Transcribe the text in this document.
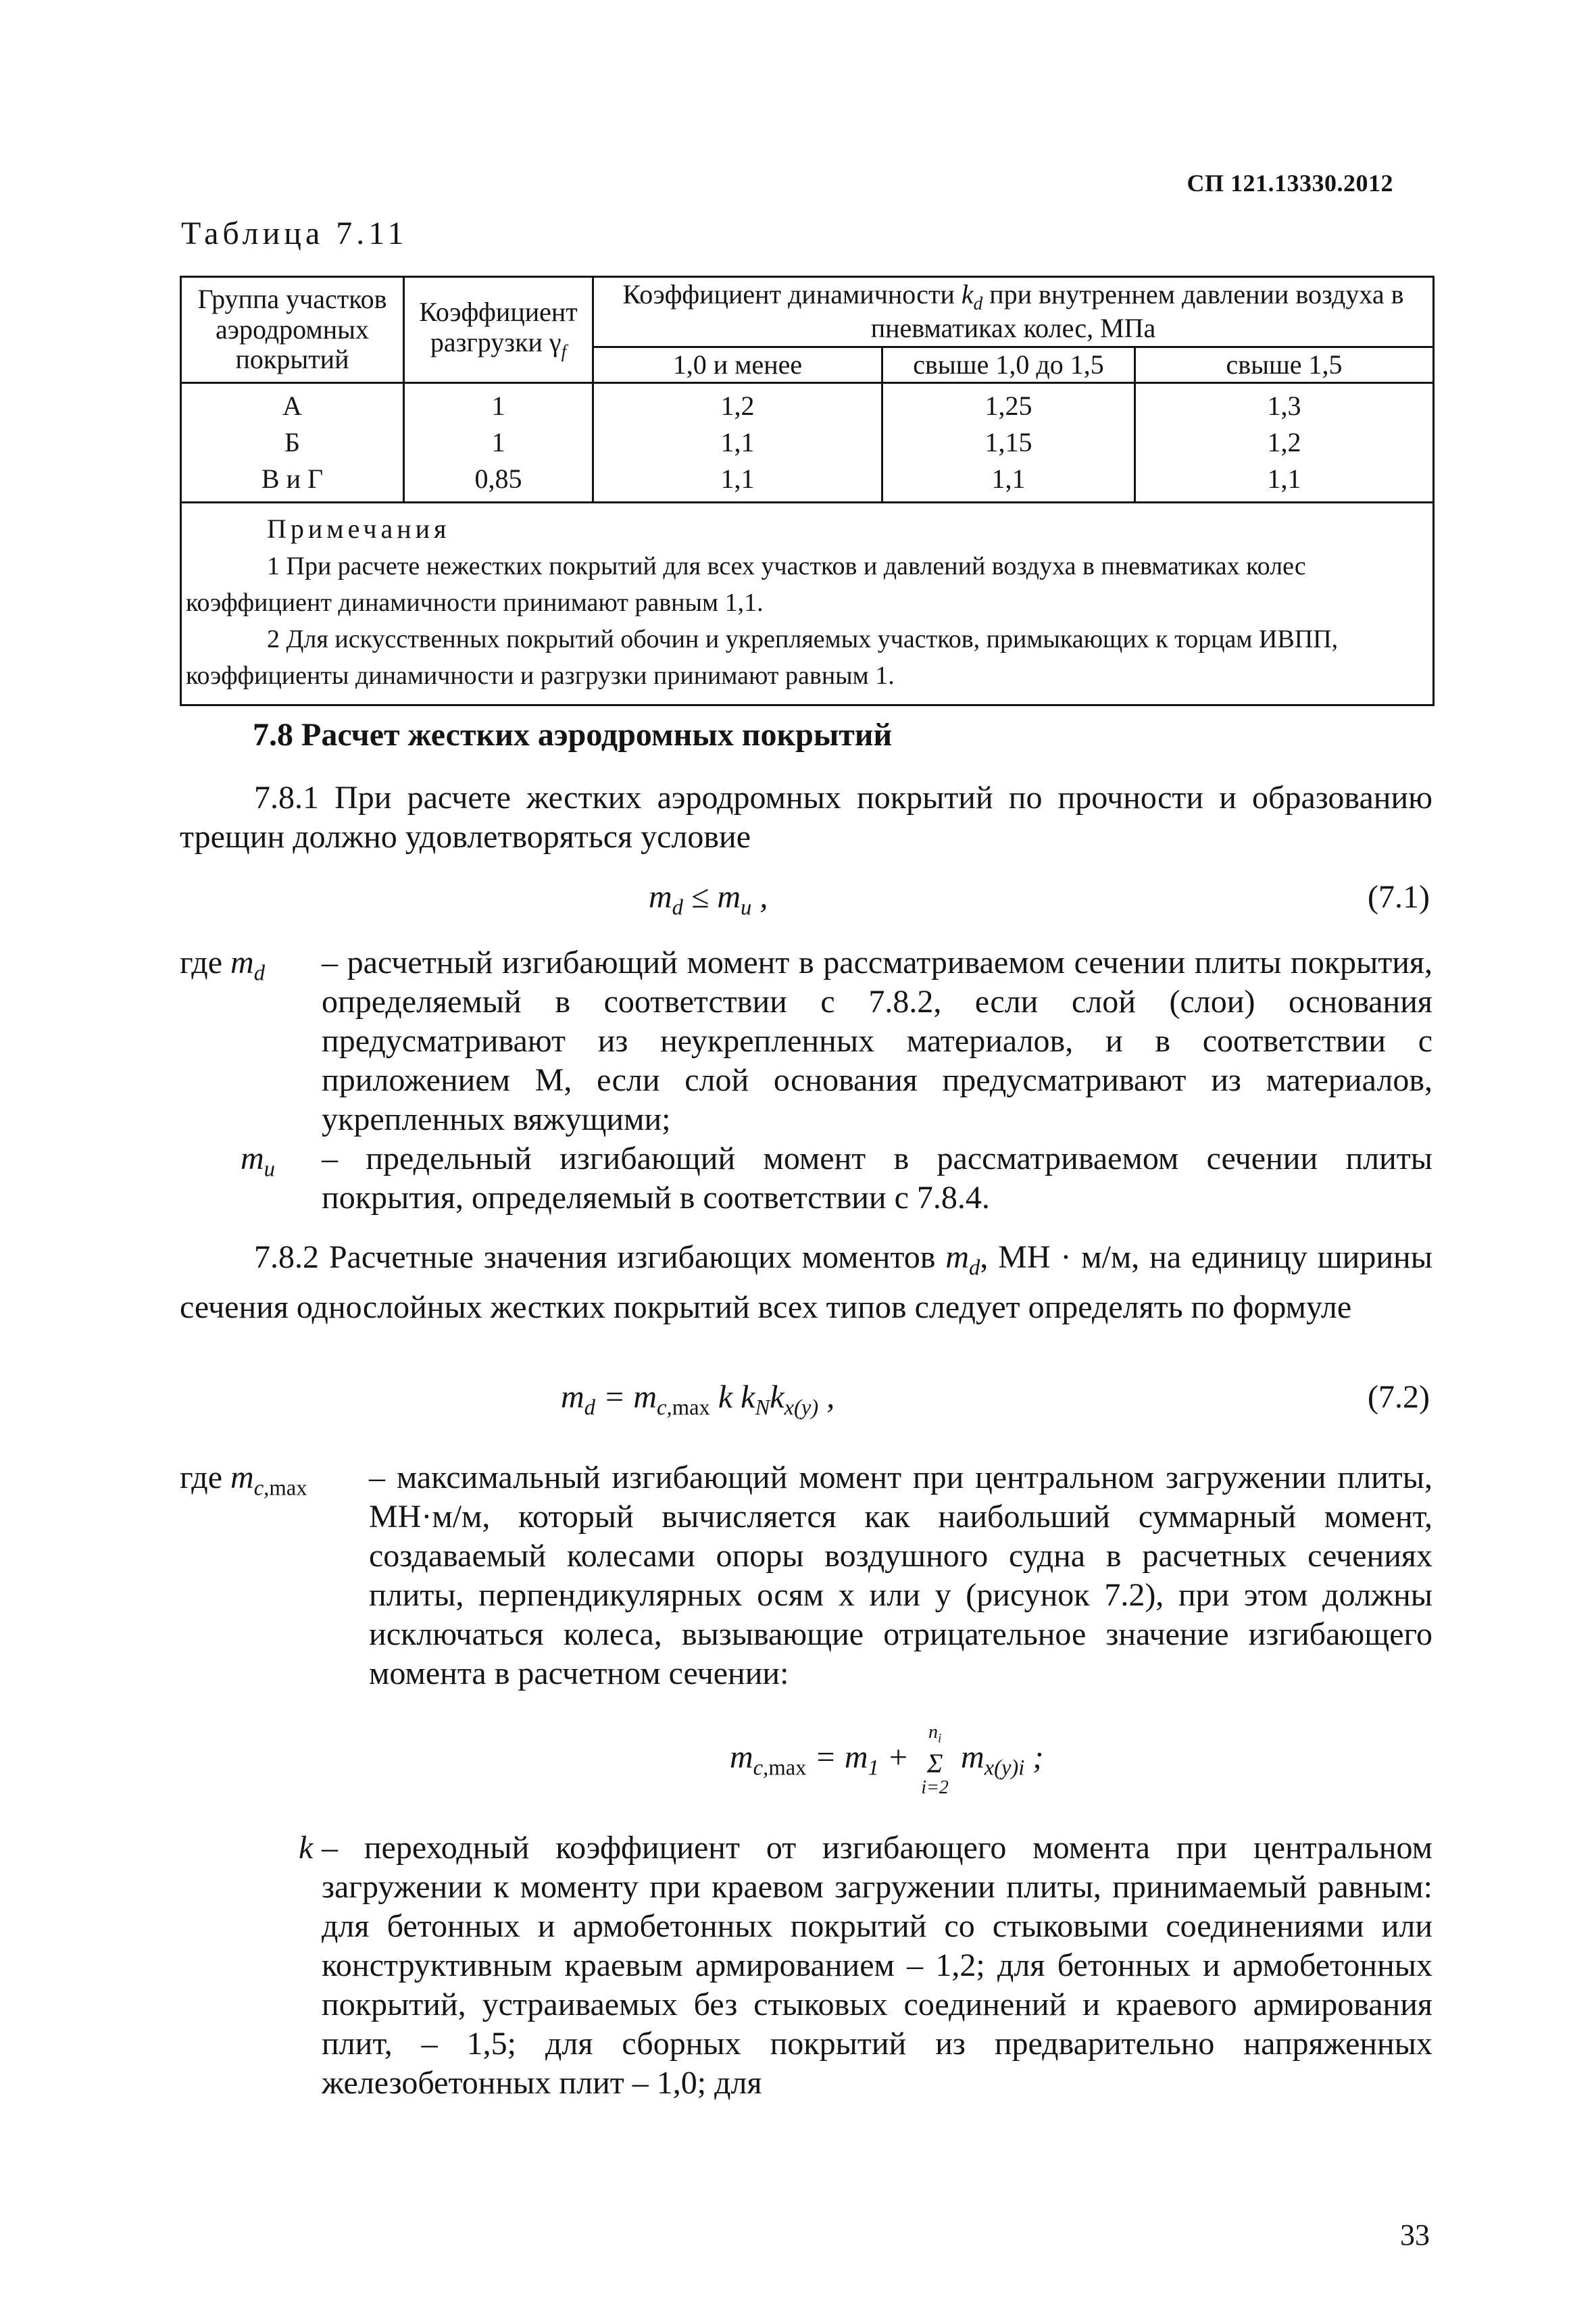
СП 121.13330.2012
Таблица 7.11
Группа участков аэродромных покрытий	Коэффициент разгрузки $\gamma_f$	Коэффициент динамичности $k_d$ при внутреннем давлении воздуха в пневматиках колес, МПа		
		1,0 и менее	свыше 1,0 до 1,5	свыше 1,5
А	1	1,2	1,25	1,3
Б	1	1,1	1,15	1,2
В и Г	0,85	1,1	1,1	1,1

Примечания
1 При расчете нежестких покрытий для всех участков и давлений воздуха в пневматиках колес коэффициент динамичности принимают равным 1,1.
2 Для искусственных покрытий обочин и укрепляемых участков, примыкающих к торцам ИВПП, коэффициенты динамичности и разгрузки принимают равным 1.				
7.8 Расчет жестких аэродромных покрытий
7.8.1 При расчете жестких аэродромных покрытий по прочности и образованию трещин должно удовлетворяться условие
$m_d \le m_u$ ,	(7.1)
где $m_d$	– расчетный изгибающий момент в рассматриваемом сечении плиты покрытия, определяемый в соответствии с 7.8.2, если слой (слои) основания предусматривают из неукрепленных материалов, и в соответствии с приложением М, если слой основания предусматривают из материалов, укрепленных вяжущими;
$m_u$	– предельный изгибающий момент в рассматриваемом сечении плиты покрытия, определяемый в соответствии с 7.8.4.
7.8.2 Расчетные значения изгибающих моментов $m_d$, МН · м/м, на единицу ширины сечения однослойных жестких покрытий всех типов следует определять по формуле
$m_d = m_{c,max}$ k $k_Nk_{x(y)}$ ,	(7.2)
где $m_{c,max}$	– максимальный изгибающий момент при центральном загружении плиты, МН·м/м, который вычисляется как наибольший суммарный момент, создаваемый колесами опоры воздушного судна в расчетных сечениях плиты, перпендикулярных осям x или y (рисунок 7.2), при этом должны исключаться колеса, вызывающие отрицательное значение изгибающего момента в расчетном сечении:
$m_{c,max} = m_1$ +
$n_i$
Σ
i=2
$m_{x(y)i}$ ;
k – переходный коэффициент от изгибающего момента при центральном загружении к моменту при краевом загружении плиты, принимаемый равным: для бетонных и армобетонных покрытий со стыковыми соединениями или конструктивным краевым армированием – 1,2; для бетонных и армобетонных покрытий, устраиваемых без стыковых соединений и краевого армирования плит, – 1,5; для сборных покрытий из предварительно напряженных железобетонных плит – 1,0; для
33
